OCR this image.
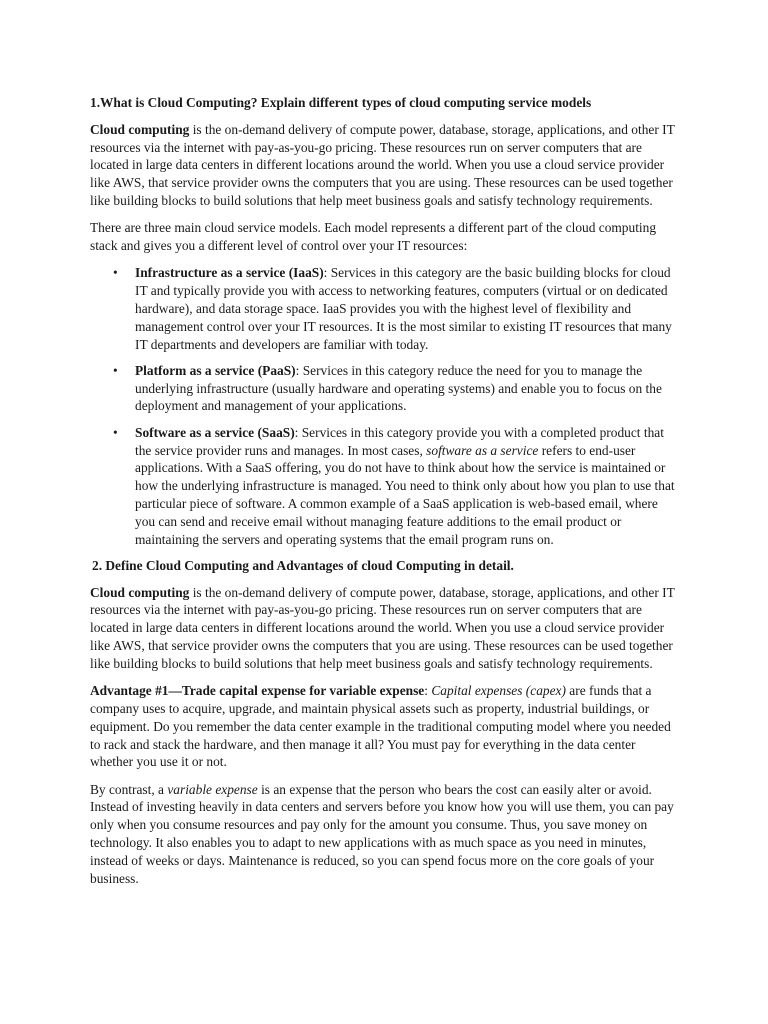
1.What is Cloud Computing? Explain different types of cloud computing service models
Cloud computing is the on-demand delivery of compute power, database, storage, applications, and other IT resources via the internet with pay-as-you-go pricing. These resources run on server computers that are located in large data centers in different locations around the world. When you use a cloud service provider like AWS, that service provider owns the computers that you are using. These resources can be used together like building blocks to build solutions that help meet business goals and satisfy technology requirements.
There are three main cloud service models. Each model represents a different part of the cloud computing stack and gives you a different level of control over your IT resources:
• Infrastructure as a service (IaaS): Services in this category are the basic building blocks for cloud IT and typically provide you with access to networking features, computers (virtual or on dedicated hardware), and data storage space. IaaS provides you with the highest level of flexibility and management control over your IT resources. It is the most similar to existing IT resources that many IT departments and developers are familiar with today.
• Platform as a service (PaaS): Services in this category reduce the need for you to manage the underlying infrastructure (usually hardware and operating systems) and enable you to focus on the deployment and management of your applications.
• Software as a service (SaaS): Services in this category provide you with a completed product that the service provider runs and manages. In most cases, software as a service refers to end-user applications. With a SaaS offering, you do not have to think about how the service is maintained or how the underlying infrastructure is managed. You need to think only about how you plan to use that particular piece of software. A common example of a SaaS application is web-based email, where you can send and receive email without managing feature additions to the email product or maintaining the servers and operating systems that the email program runs on.
2. Define Cloud Computing and Advantages of cloud Computing in detail.
Cloud computing is the on-demand delivery of compute power, database, storage, applications, and other IT resources via the internet with pay-as-you-go pricing. These resources run on server computers that are located in large data centers in different locations around the world. When you use a cloud service provider like AWS, that service provider owns the computers that you are using. These resources can be used together like building blocks to build solutions that help meet business goals and satisfy technology requirements.
Advantage #1—Trade capital expense for variable expense: Capital expenses (capex) are funds that a company uses to acquire, upgrade, and maintain physical assets such as property, industrial buildings, or equipment. Do you remember the data center example in the traditional computing model where you needed to rack and stack the hardware, and then manage it all? You must pay for everything in the data center whether you use it or not.
By contrast, a variable expense is an expense that the person who bears the cost can easily alter or avoid. Instead of investing heavily in data centers and servers before you know how you will use them, you can pay only when you consume resources and pay only for the amount you consume. Thus, you save money on technology. It also enables you to adapt to new applications with as much space as you need in minutes, instead of weeks or days. Maintenance is reduced, so you can spend focus more on the core goals of your business.
